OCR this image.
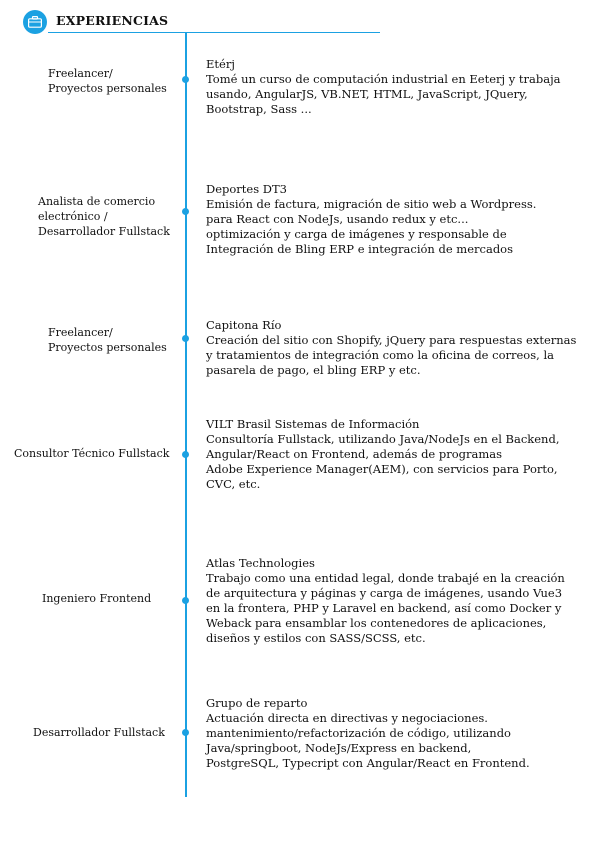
EXPERIENCIAS
Freelancer/
Proyectos personales
Etérj
Tomé un curso de computación industrial en Eeterj y trabaja
usando, AngularJS, VB.NET, HTML, JavaScript, JQuery,
Bootstrap, Sass ...
Analista de comercio
electrónico /
Desarrollador Fullstack
Deportes DT3
Emisión de factura, migración de sitio web a Wordpress.
para React con NodeJs, usando redux y etc...
optimización y carga de imágenes y responsable de
Integración de Bling ERP e integración de mercados
Freelancer/
Proyectos personales
Capitona Río
Creación del sitio con Shopify, jQuery para respuestas externas
y tratamientos de integración como la oficina de correos, la
pasarela de pago, el bling ERP y etc.
Consultor Técnico Fullstack
VILT Brasil Sistemas de Información
Consultoría Fullstack, utilizando Java/NodeJs en el Backend,
Angular/React on Frontend, además de programas
Adobe Experience Manager(AEM), con servicios para Porto,
CVC, etc.
Ingeniero Frontend
Atlas Technologies
Trabajo como una entidad legal, donde trabajé en la creación
de arquitectura y páginas y carga de imágenes, usando Vue3
en la frontera, PHP y Laravel en backend, así como Docker y
Weback para ensamblar los contenedores de aplicaciones,
diseños y estilos con SASS/SCSS, etc.
Desarrollador Fullstack
Grupo de reparto
Actuación directa en directivas y negociaciones.
mantenimiento/refactorización de código, utilizando
Java/springboot, NodeJs/Express en backend,
PostgreSQL, Typecript con Angular/React en Frontend.
